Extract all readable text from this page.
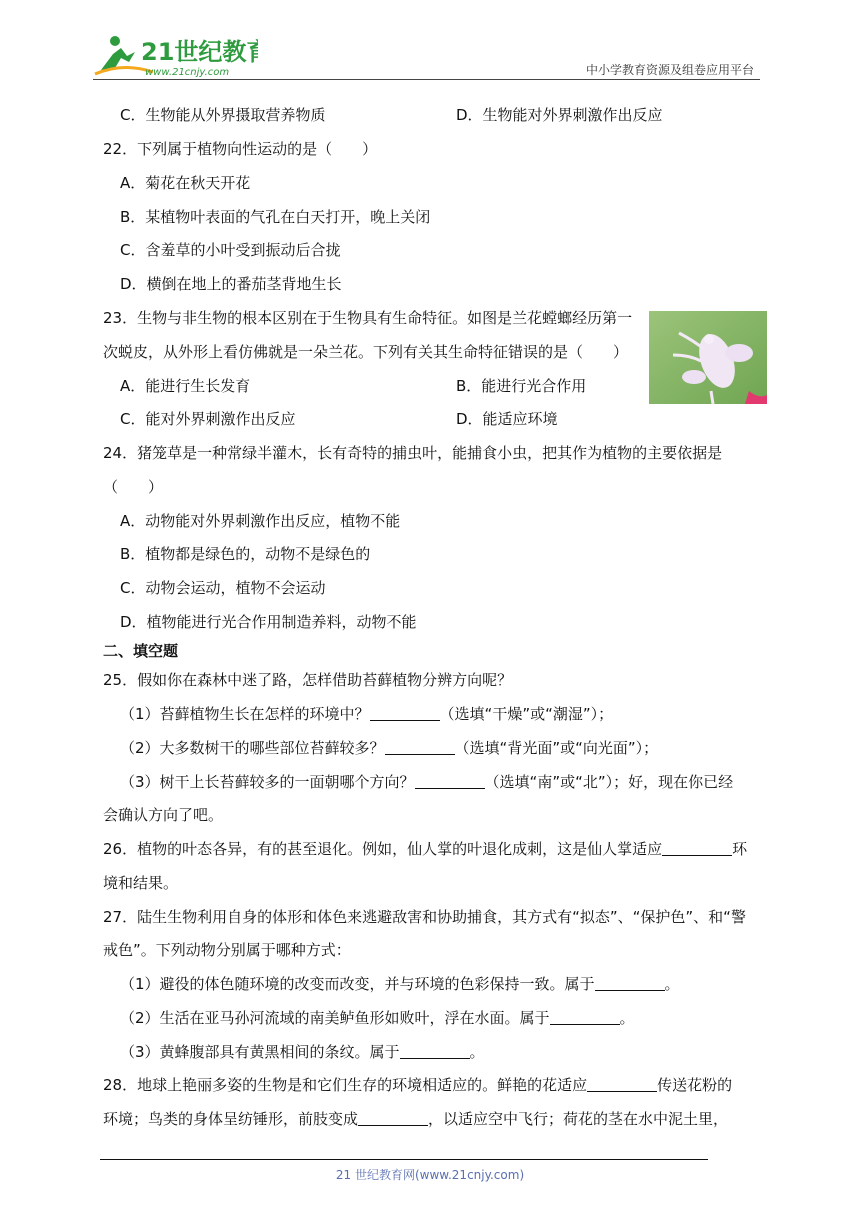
21世纪教育
www.21cnjy.com	中小学教育资源及组卷应用平台
C．生物能从外界摄取营养物质	D．生物能对外界刺激作出反应
22．下列属于植物向性运动的是（　　）
A．菊花在秋天开花
B．某植物叶表面的气孔在白天打开，晚上关闭
C．含羞草的小叶受到振动后合拢
D．横倒在地上的番茄茎背地生长
23．生物与非生物的根本区别在于生物具有生命特征。如图是兰花螳螂经历第一
次蜕皮，从外形上看仿佛就是一朵兰花。下列有关其生命特征错误的是（　　）
A．能进行生长发育	B．能进行光合作用
C．能对外界刺激作出反应	D．能适应环境
24．猪笼草是一种常绿半灌木，长有奇特的捕虫叶，能捕食小虫，把其作为植物的主要依据是
（　　）
A．动物能对外界刺激作出反应，植物不能
B．植物都是绿色的，动物不是绿色的
C．动物会运动，植物不会运动
D．植物能进行光合作用制造养料，动物不能
二、填空题
25．假如你在森林中迷了路，怎样借助苔藓植物分辨方向呢？
（1）苔藓植物生长在怎样的环境中？	（选填“干燥”或“潮湿”）；
（2）大多数树干的哪些部位苔藓较多？	（选填“背光面”或“向光面”）；
（3）树干上长苔藓较多的一面朝哪个方向？	（选填“南”或“北”）；好，现在你已经
会确认方向了吧。
26．植物的叶态各异，有的甚至退化。例如，仙人掌的叶退化成刺，这是仙人掌适应	环
境和结果。
27．陆生生物利用自身的体形和体色来逃避敌害和协助捕食，其方式有“拟态”、“保护色”、和“警
戒色”。下列动物分别属于哪种方式：
（1）避役的体色随环境的改变而改变，并与环境的色彩保持一致。属于	。
（2）生活在亚马孙河流域的南美鲈鱼形如败叶，浮在水面。属于	。
（3）黄蜂腹部具有黄黑相间的条纹。属于	。
28．地球上艳丽多姿的生物是和它们生存的环境相适应的。鲜艳的花适应	传送花粉的
环境；鸟类的身体呈纺锤形，前肢变成	，以适应空中飞行；荷花的茎在水中泥土里，
21 世纪教育网(www.21cnjy.com)
